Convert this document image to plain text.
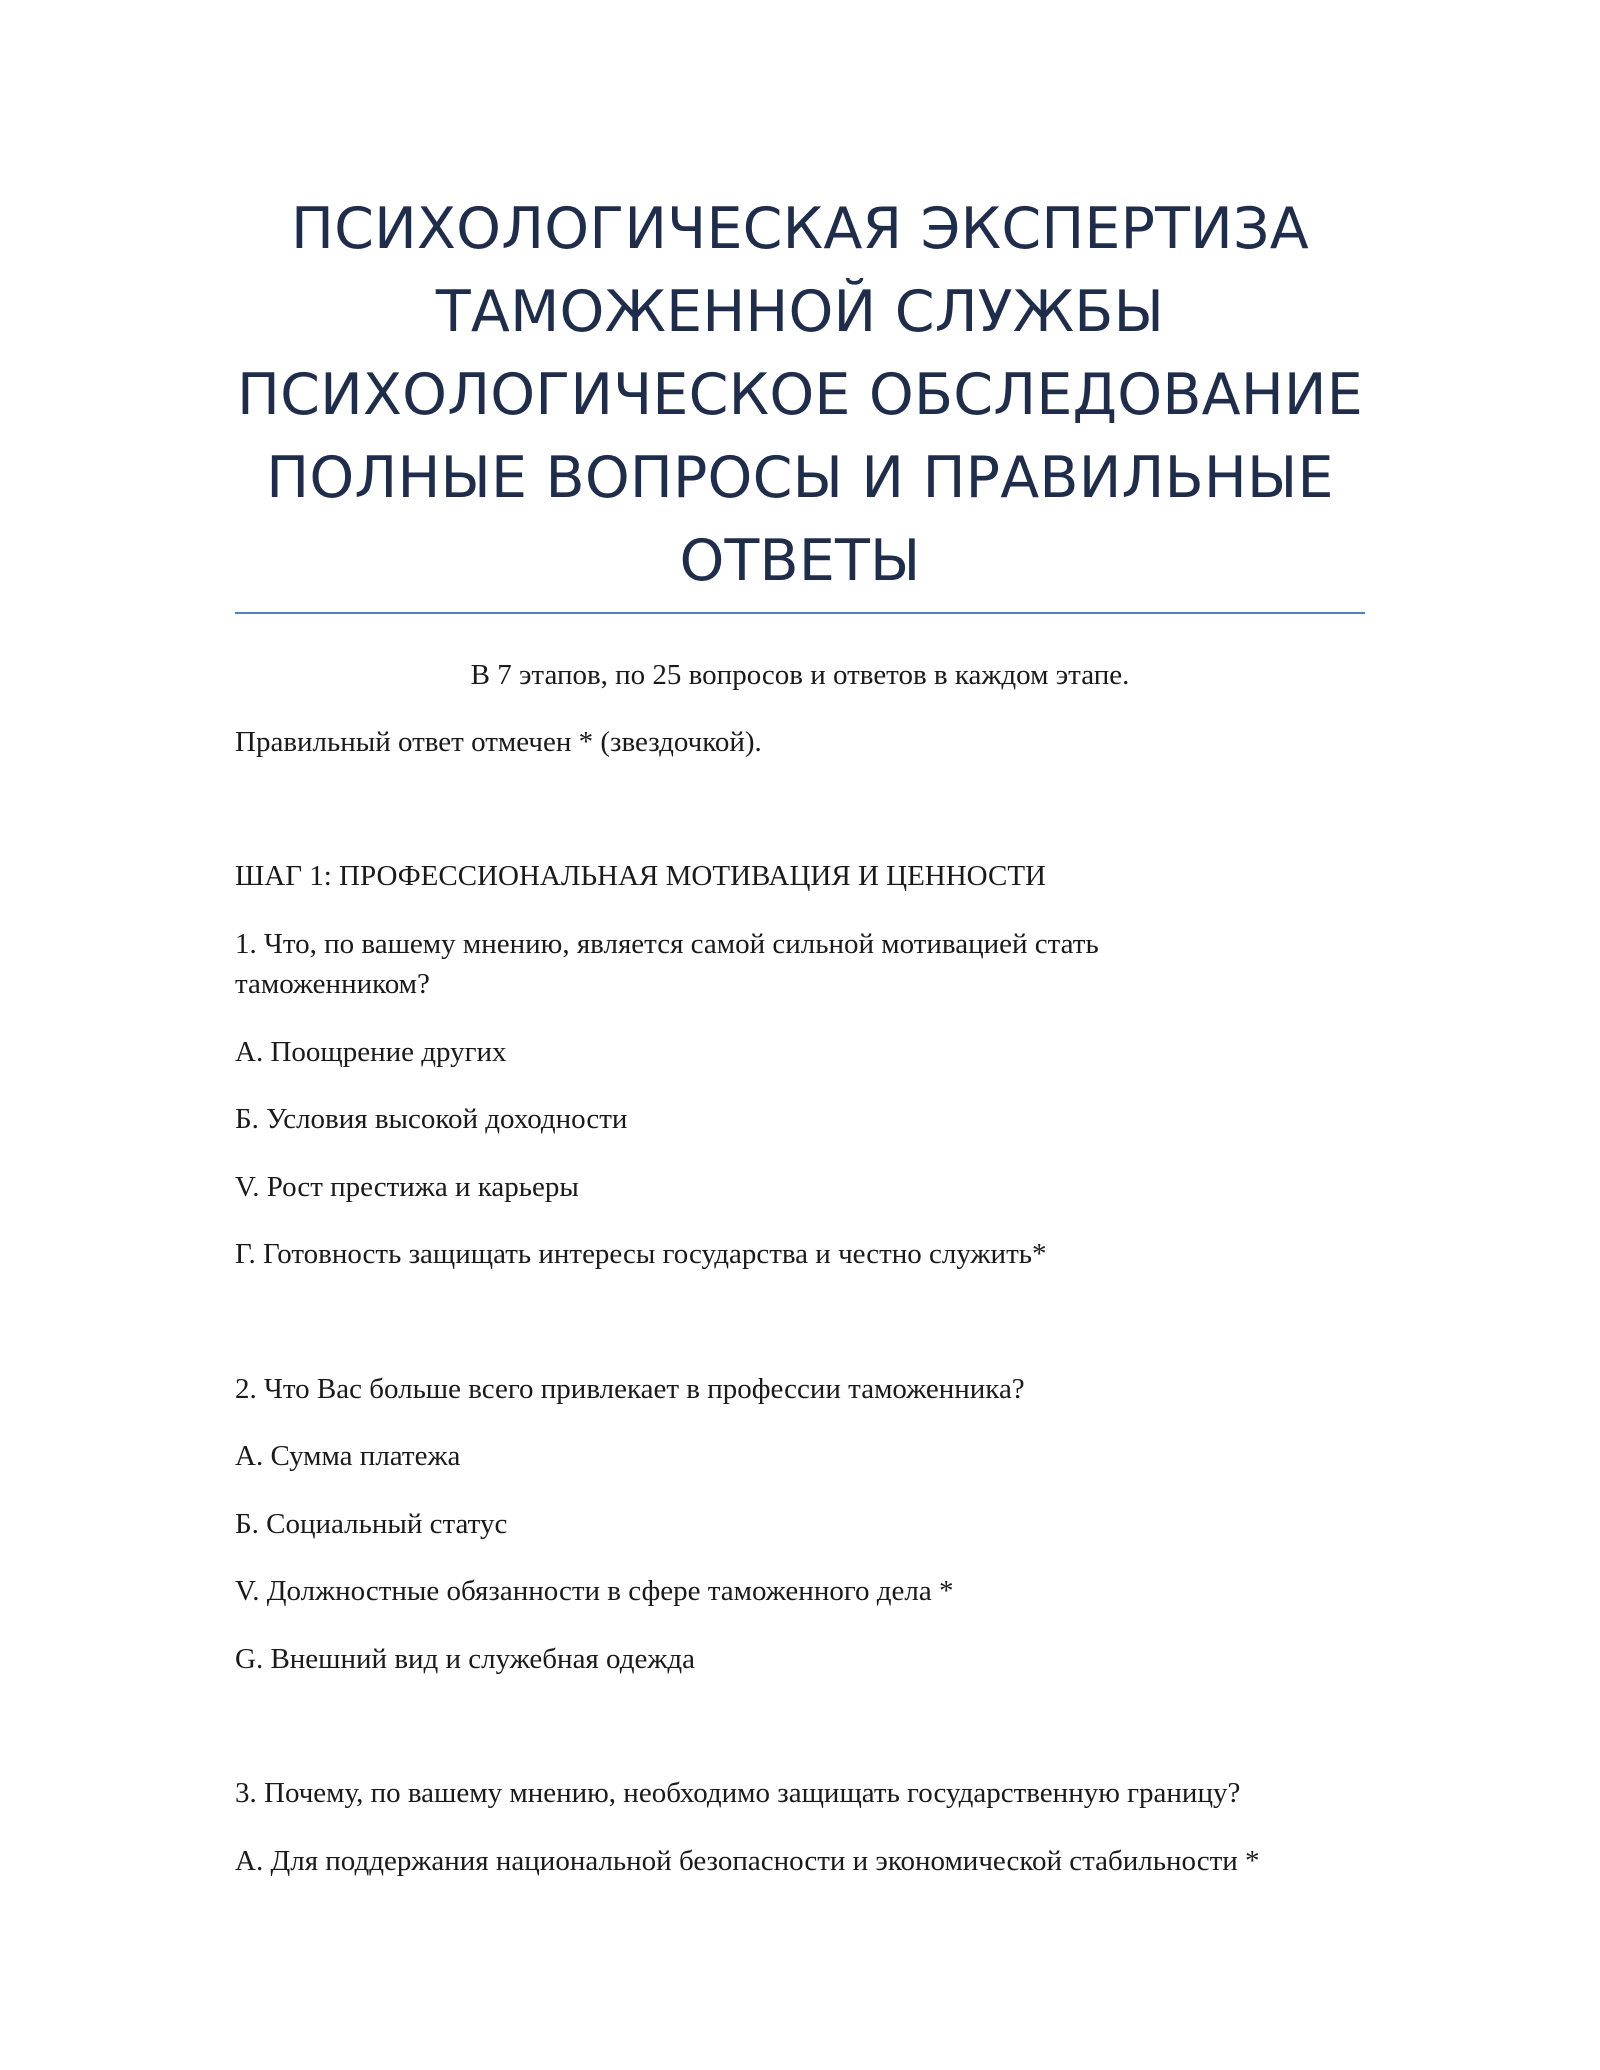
ПСИХОЛОГИЧЕСКАЯ ЭКСПЕРТИЗА
ТАМОЖЕННОЙ СЛУЖБЫ
ПСИХОЛОГИЧЕСКОЕ ОБСЛЕДОВАНИЕ
ПОЛНЫЕ ВОПРОСЫ И ПРАВИЛЬНЫЕ
ОТВЕТЫ
В 7 этапов, по 25 вопросов и ответов в каждом этапе.
Правильный ответ отмечен * (звездочкой).
ШАГ 1: ПРОФЕССИОНАЛЬНАЯ МОТИВАЦИЯ И ЦЕННОСТИ
1. Что, по вашему мнению, является самой сильной мотивацией стать
таможенником?
А. Поощрение других
Б. Условия высокой доходности
V. Рост престижа и карьеры
Г. Готовность защищать интересы государства и честно служить*
2. Что Вас больше всего привлекает в профессии таможенника?
А. Сумма платежа
Б. Социальный статус
V. Должностные обязанности в сфере таможенного дела *
G. Внешний вид и служебная одежда
3. Почему, по вашему мнению, необходимо защищать государственную границу?
А. Для поддержания национальной безопасности и экономической стабильности *
